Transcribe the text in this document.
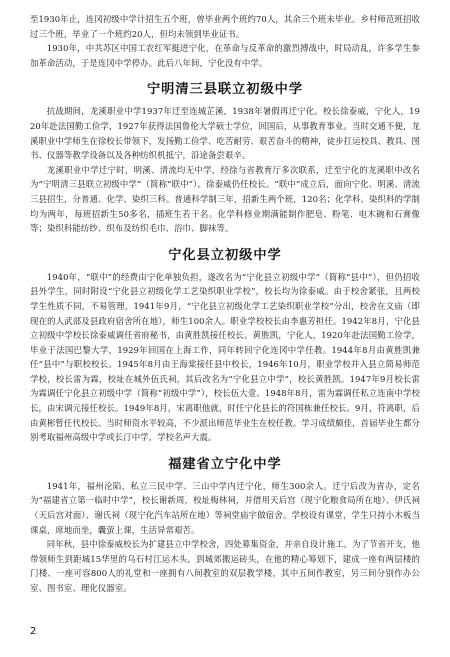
至1930年止，连冈初级中学计招生五个班，曾毕业两个班约70人，其余三个班未毕业。乡村师范班招收过三个班，毕业了一个班约20人，但均未领到毕业证书。

1930年，中共苏区中国工农红军挺进宁化，在革命与反革命的激烈搏战中，时局动乱，许多学生参加革命活动，于是连冈中学停办。此后八年间，宁化没有中学。

宁明清三县联立初级中学

抗战期间，龙溪职业中学1937年迁至连城芷溪，1938年暑假再迁宁化。校长徐泰威，宁化人，1920年赴法国勤工俭学，1927年获得法国鲁伦大学硕士学位，回国后，从事教育事业。当时交通不便，龙溪职业中学师生在徐校长带领下，发扬勤工俭学、吃苦耐劳、艰苦奋斗的精神，徒步扛运校具、教具、图书、仪器等教学设备以及各种纺织机抵宁，沿途备尝艰辛。

龙溪职业中学迁宁时，明溪、清流均无中学，经徐与省教育厅多次联系，迁至宁化的龙溪职中改名为“宁明清三县联立初级中学”（简称“联中”）。徐泰威仍任校长。“联中”成立后，面向宁化、明溪、清流三县招生，分普通、化学、染织三科。普通科学制三年，招新生两个班，120名；化学科、染织科的学制均为两年，每班招新生50多名，插班生若干名。化学科修业期满能制作肥皂、粉笔、电木碗和石膏像等；染织科能纺纱、织布及纺织毛巾、浴巾、脚袜等。

宁化县立初级中学

1940年，“联中”的经费由宁化单独负担，遂改名为“宁化县立初级中学”（简称“县中”），但仍招收县外学生，同时附设“宁化县立初级化学工艺染织职业学校”，校长均为徐泰威。由于校舍紧张，且两校学生性质不同，不易管理，1941年9月，“宁化县立初级化学工艺染织职业学校”分出，校舍在文庙（即现在的人武部及县政府宿舍所在地），师生100余人。职业学校校长由李惠芳担任。1942年8月，宁化县立初级中学校长徐泰威调任省府秘书，由黄胜凯接任校长。黄胜凯，宁化人，1920年赴法国勤工俭学，毕业于法国巴黎大学，1929年回国在上海工作，同年转回宁化连冈中学任教。1944年8月由黄胜凯兼任“县中”与职校校长。1945年8月由王海棠接任县中校长，1946年10月，职业学校并入县立简易师范学校，校长雷为霖，校址在城外伍氏祠，其后改名为“宁化县立中学”，校长黄胜凯。1947年9月校长雷为霖调任宁化县立初级中学（简称“初级中学”），校长伍大壹。1948年8月，雷为霖调任私立连南中学校长，由宋调元接任校长。1949年8月，宋离职他就，时任宁化县长的符国栋兼任校长。9月，符离职，后由黄彬暂任代校长。当时师资水平较高，不少派出师范毕业生在校任教。学习成绩颇佳，首届毕业生都分别考取福州高级中学或长汀中学，学校名声大震。

福建省立宁化中学

1941年，福州沦陷，私立三民中学、三山中学内迁宁化，师生300余人。迁宁后改为省办，定名为“福建省立第一临时中学”，校长谢新周，校址梅林祠，并借用天后宫（现宁化粮食局所在地）、伊氏祠（天后宫对面）、谢氏祠（现宁化汽车站所在地）等祠堂庙宇做宿舍。学校设有课堂，学生只持小木板当课桌，席地而坐，囊萤上课，生活异常艰苦。

同年秋，县中徐泰威校长为扩建县立中学校舍，四处募集资金，并亲自设计施工。为了节省开支，他带领师生到距城15华里的乌石村江运木头，到城郊搬运砖头，在他的精心筹划下，建成一座有两层楼的门楼、一座可容800人的礼堂和一座拥有八间教室的双层教学楼，其中五间作教室，另三间分别作办公室、图书室、理化仪器室。

2
